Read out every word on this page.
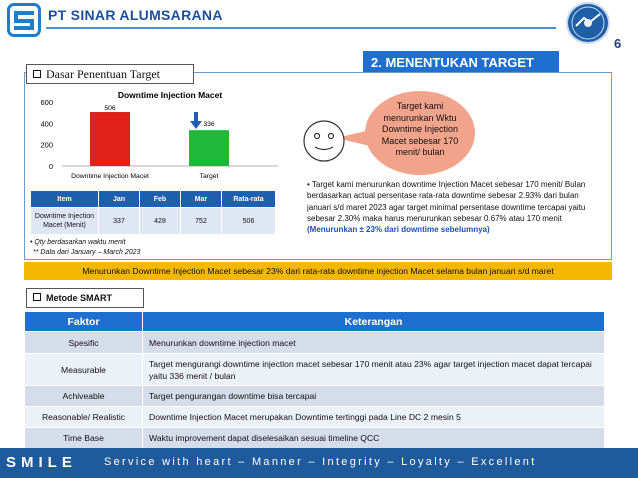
PT SINAR ALUMSARANA
6
2. MENENTUKAN TARGET
Dasar Penentuan Target
Downtime Injection Macet
0
200
400
600
Downtime Injection Macet	Target
506
336
Item	Jan	Feb	Mar	Rata-rata
Downtime Injection Macet (Menit)	337	428	752	506
• Qty berdasarkan waktu menit
** Data dari January – March 2023
Target kami menurunkan Wktu Downtime Injection Macet sebesar 170 menit/ bulan
• Target kami menurunkan downtime Injection Macet sebesar 170 menit/ Bulan berdasarkan actual persentase rata-rata downtime sebesar 2.93% dari bulan januari s/d maret 2023 agar target minimal persentase downtime tercapai yaitu sebesar 2.30% maka harus menurunkan sebesar 0.67% atau 170 menit
(Menurunkan ± 23% dari downtime sebelumnya)
Menurunkan Downtime Injection Macet sebesar 23% dari rata-rata downtime injection Macet selama bulan januari s/d maret
Metode SMART
Faktor	Keterangan
Spesific	Menurunkan downtime injection macet
Measurable	Target mengurangi downtime injection macet sebesar 170 menit atau 23% agar target injection macet dapat tercapai yaitu 336 menit / bulan
Achiveable	Target pengurangan downtime bisa tercapai
Reasonable/ Realistic	Downtime Injection Macet merupakan Downtime tertinggi pada Line DC 2 mesin 5
Time Base	Waktu improvement dapat diselesaikan sesuai timeline QCC
SMILE Service with heart – Manner – Integrity – Loyalty – Excellent
